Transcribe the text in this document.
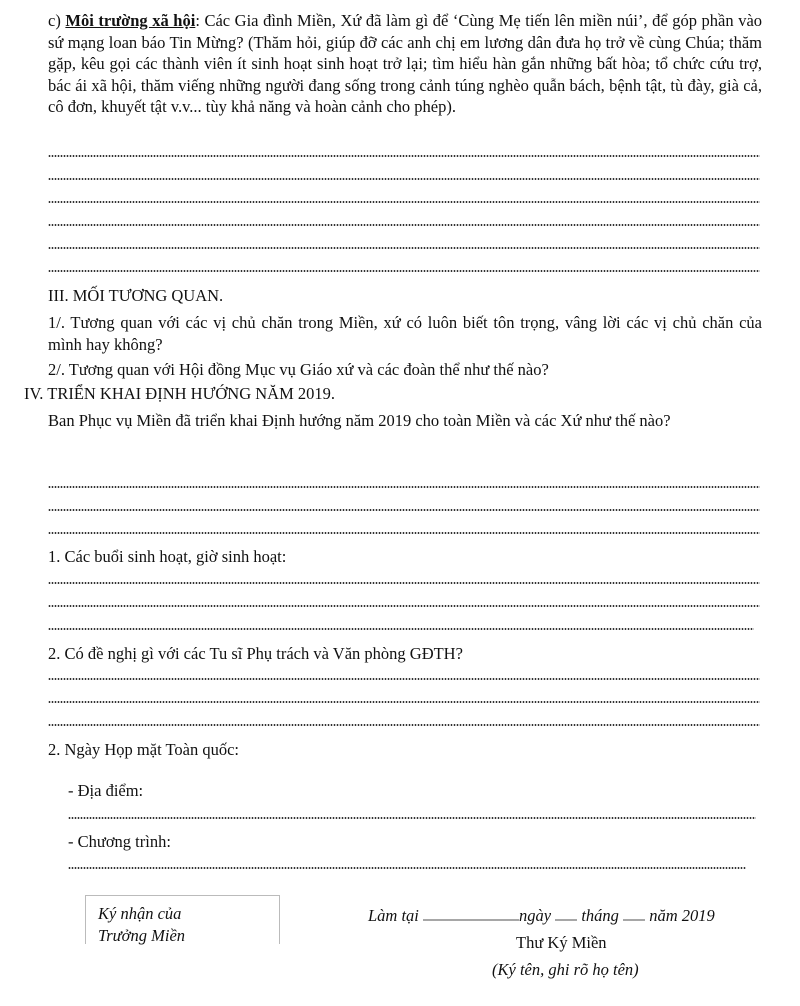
c) Môi trường xã hội: Các Gia đình Miền, Xứ đã làm gì để ‘Cùng Mẹ tiến lên miền núi’, để góp phần vào sứ mạng loan báo Tin Mừng? (Thăm hỏi, giúp đỡ các anh chị em lương dân đưa họ trở về cùng Chúa; thăm gặp, kêu gọi các thành viên ít sinh hoạt sinh hoạt trở lại; tìm hiểu hàn gắn những bất hòa; tổ chức cứu trợ, bác ái xã hội, thăm viếng những người đang sống trong cảnh túng nghèo quẫn bách, bệnh tật, tù đày, già cả, cô đơn, khuyết tật v.v... tùy khả năng và hoàn cảnh cho phép).
III. MỐI TƯƠNG QUAN.
1/. Tương quan với các vị chủ chăn trong Miền, xứ có luôn biết tôn trọng, vâng lời các vị chủ chăn của mình hay không?
2/. Tương quan với Hội đồng Mục vụ Giáo xứ và các đoàn thể như thế nào?
IV. TRIỂN KHAI ĐỊNH HƯỚNG NĂM 2019.
Ban Phục vụ Miền đã triển khai Định hướng năm 2019 cho toàn Miền và các Xứ như thế nào?
1. Các buổi sinh hoạt, giờ sinh hoạt:
2. Có đề nghị gì với các Tu sĩ Phụ trách và Văn phòng GĐTH?
2. Ngày Họp mặt Toàn quốc:
- Địa điểm:
- Chương trình:
Ký nhận của
Trưởng Miền
Làm tại	ngày tháng năm 2019
Thư Ký Miền
(Ký tên, ghi rõ họ tên)
